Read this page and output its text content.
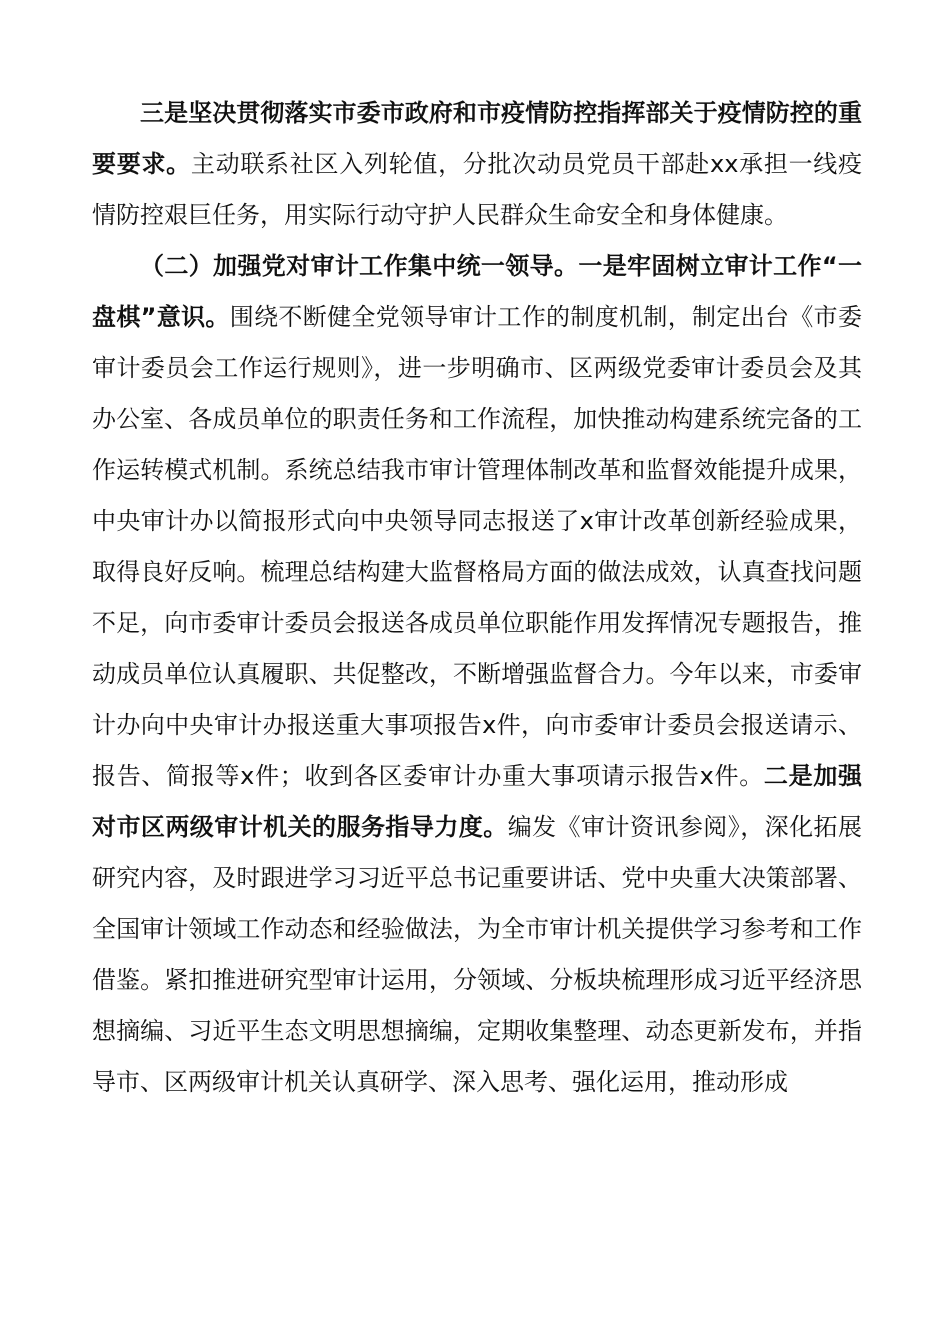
三是坚决贯彻落实市委市政府和市疫情防控指挥部关于疫情防控的重要要求。主动联系社区入列轮值，分批次动员党员干部赴xx承担一线疫情防控艰巨任务，用实际行动守护人民群众生命安全和身体健康。

（二）加强党对审计工作集中统一领导。一是牢固树立审计工作“一盘棋”意识。围绕不断健全党领导审计工作的制度机制，制定出台《市委审计委员会工作运行规则》，进一步明确市、区两级党委审计委员会及其办公室、各成员单位的职责任务和工作流程，加快推动构建系统完备的工作运转模式机制。系统总结我市审计管理体制改革和监督效能提升成果，中央审计办以简报形式向中央领导同志报送了x审计改革创新经验成果，取得良好反响。梳理总结构建大监督格局方面的做法成效，认真查找问题不足，向市委审计委员会报送各成员单位职能作用发挥情况专题报告，推动成员单位认真履职、共促整改，不断增强监督合力。今年以来，市委审计办向中央审计办报送重大事项报告x件，向市委审计委员会报送请示、报告、简报等x件；收到各区委审计办重大事项请示报告x件。二是加强对市区两级审计机关的服务指导力度。编发《审计资讯参阅》，深化拓展研究内容，及时跟进学习习近平总书记重要讲话、党中央重大决策部署、全国审计领域工作动态和经验做法，为全市审计机关提供学习参考和工作借鉴。紧扣推进研究型审计运用，分领域、分板块梳理形成习近平经济思想摘编、习近平生态文明思想摘编，定期收集整理、动态更新发布，并指导市、区两级审计机关认真研学、深入思考、强化运用，推动形成
